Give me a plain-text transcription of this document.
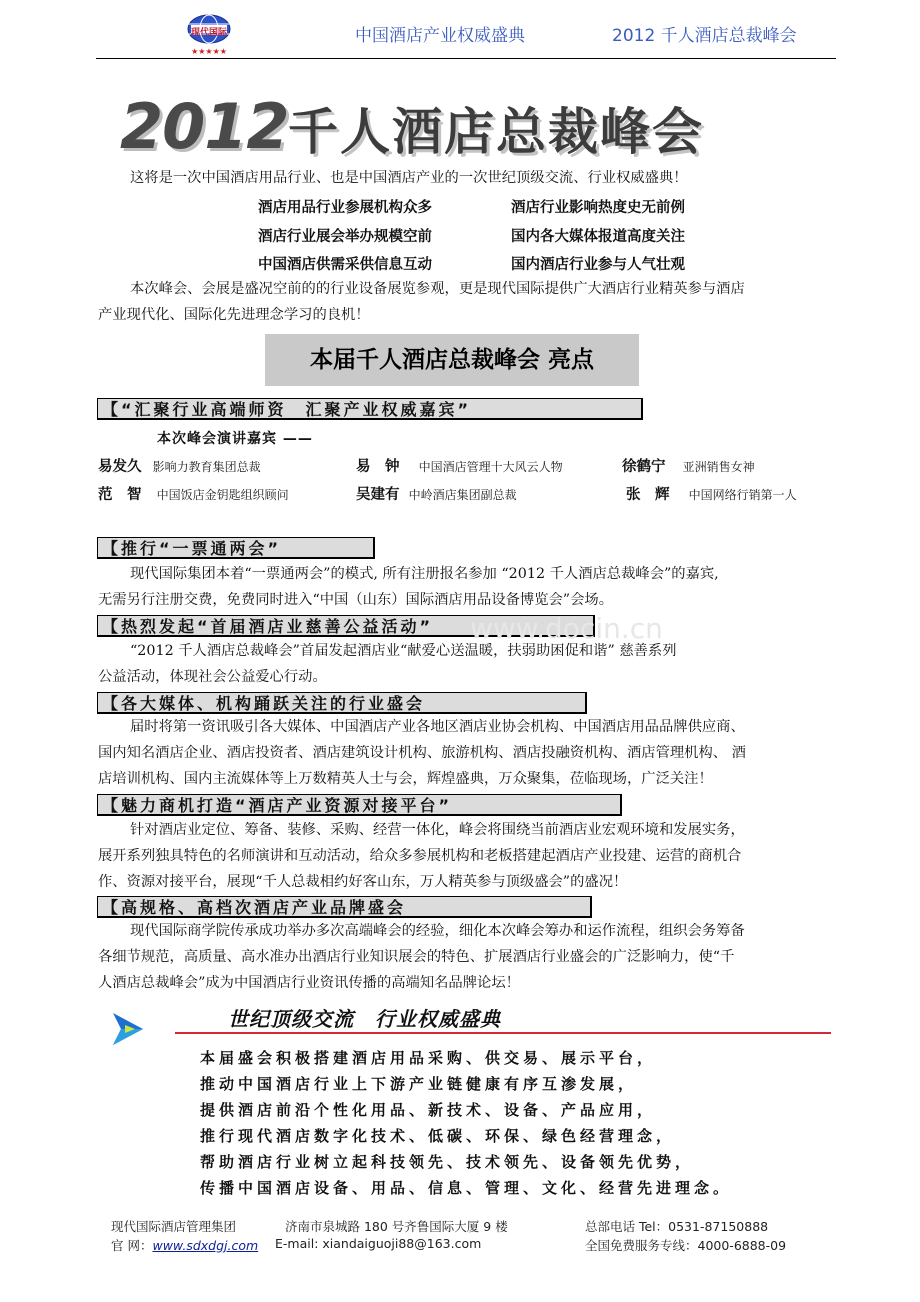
现代国际
★★★★★
中国酒店产业权威盛典	2012 千人酒店总裁峰会
2012 千人酒店总裁峰会
这将是一次中国酒店用品行业、也是中国酒店产业的一次世纪顶级交流、行业权威盛典！
酒店用品行业参展机构众多	酒店行业影响热度史无前例
酒店行业展会举办规模空前	国内各大媒体报道高度关注
中国酒店供需采供信息互动	国内酒店行业参与人气壮观
本次峰会、会展是盛况空前的的行业设备展览参观，更是现代国际提供广大酒店行业精英参与酒店
产业现代化、国际化先进理念学习的良机！
本届千人酒店总裁峰会 亮点
【“汇聚行业高端师资　汇聚产业权威嘉宾”
本次峰会演讲嘉宾 ——
易发久 影响力教育集团总裁	易　钟 中国酒店管理十大风云人物	徐鹤宁 亚洲销售女神
范　智 中国饭店金钥匙组织顾问	吴建有 中岭酒店集团副总裁	张　辉 中国网络行销第一人
【推行“一票通两会”
现代国际集团本着“一票通两会”的模式, 所有注册报名参加 “2012 千人酒店总裁峰会”的嘉宾,
无需另行注册交费，免费同时进入“中国（山东）国际酒店用品设备博览会”会场。
【热烈发起“首届酒店业慈善公益活动”	www.docin.cn
“2012 千人酒店总裁峰会”首届发起酒店业“献爱心送温暖，扶弱助困促和谐” 慈善系列
公益活动，体现社会公益爱心行动。
【各大媒体、机构踊跃关注的行业盛会
届时将第一资讯吸引各大媒体、中国酒店产业各地区酒店业协会机构、中国酒店用品品牌供应商、
国内知名酒店企业、酒店投资者、酒店建筑设计机构、旅游机构、酒店投融资机构、酒店管理机构、 酒
店培训机构、国内主流媒体等上万数精英人士与会，辉煌盛典，万众聚集，莅临现场，广泛关注！
【魅力商机打造“酒店产业资源对接平台”
针对酒店业定位、筹备、装修、采购、经营一体化，峰会将围绕当前酒店业宏观环境和发展实务，
展开系列独具特色的名师演讲和互动活动，给众多参展机构和老板搭建起酒店产业投建、运营的商机合
作、资源对接平台，展现“千人总裁相约好客山东，万人精英参与顶级盛会”的盛况！
【高规格、高档次酒店产业品牌盛会
现代国际商学院传承成功举办多次高端峰会的经验，细化本次峰会筹办和运作流程，组织会务筹备
各细节规范，高质量、高水准办出酒店行业知识展会的特色、扩展酒店行业盛会的广泛影响力，使“千
人酒店总裁峰会”成为中国酒店行业资讯传播的高端知名品牌论坛！
世纪顶级交流　行业权威盛典
本届盛会积极搭建酒店用品采购、供交易、展示平台，
推动中国酒店行业上下游产业链健康有序互渗发展，
提供酒店前沿个性化用品、新技术、设备、产品应用，
推行现代酒店数字化技术、低碳、环保、绿色经营理念，
帮助酒店行业树立起科技领先、技术领先、设备领先优势，
传播中国酒店设备、用品、信息、管理、文化、经营先进理念。
现代国际酒店管理集团	济南市泉城路 180 号齐鲁国际大厦 9 楼	总部电话 Tel：0531-87150888
官 网：www.sdxdgj.com E-mail: xiandaiguoji88@163.com	全国免费服务专线：4000-6888-09
